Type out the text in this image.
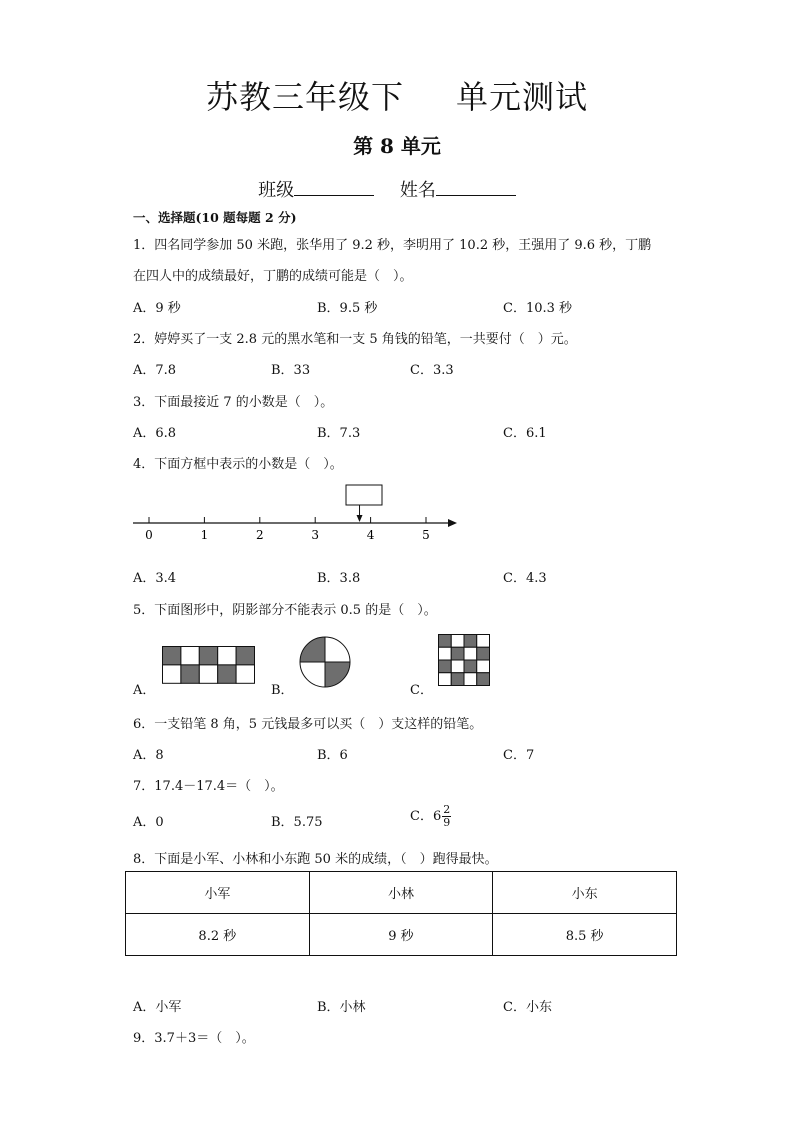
苏教三年级下 单元测试
第 8 单元
班级	姓名
一、选择题(10 题每题 2 分)
1．四名同学参加 50 米跑，张华用了 9.2 秒，李明用了 10.2 秒，王强用了 9.6 秒，丁鹏
在四人中的成绩最好，丁鹏的成绩可能是（　）。
A．9 秒	B．9.5 秒	C．10.3 秒
2．婷婷买了一支 2.8 元的黑水笔和一支 5 角钱的铅笔，一共要付（　）元。
A．7.8	B．33	C．3.3
3．下面最接近 7 的小数是（　）。
A．6.8	B．7.3	C．6.1
4．下面方框中表示的小数是（　）。
0	1	2	3	4	5
A．3.4	B．3.8	C．4.3
5．下面图形中，阴影部分不能表示 0.5 的是（　）。
A．	B．	C．
6．一支铅笔 8 角，5 元钱最多可以买（　）支这样的铅笔。
A．8	B．6	C．7
7．17.4－17.4＝（　）。
A．0	B．5.75	C．$6 \frac{2}{9}$
8．下面是小军、小林和小东跑 50 米的成绩，（　）跑得最快。
小军	小林	小东
8.2 秒	9 秒	8.5 秒
A．小军	B．小林	C．小东
9．3.7＋3＝（　）。
